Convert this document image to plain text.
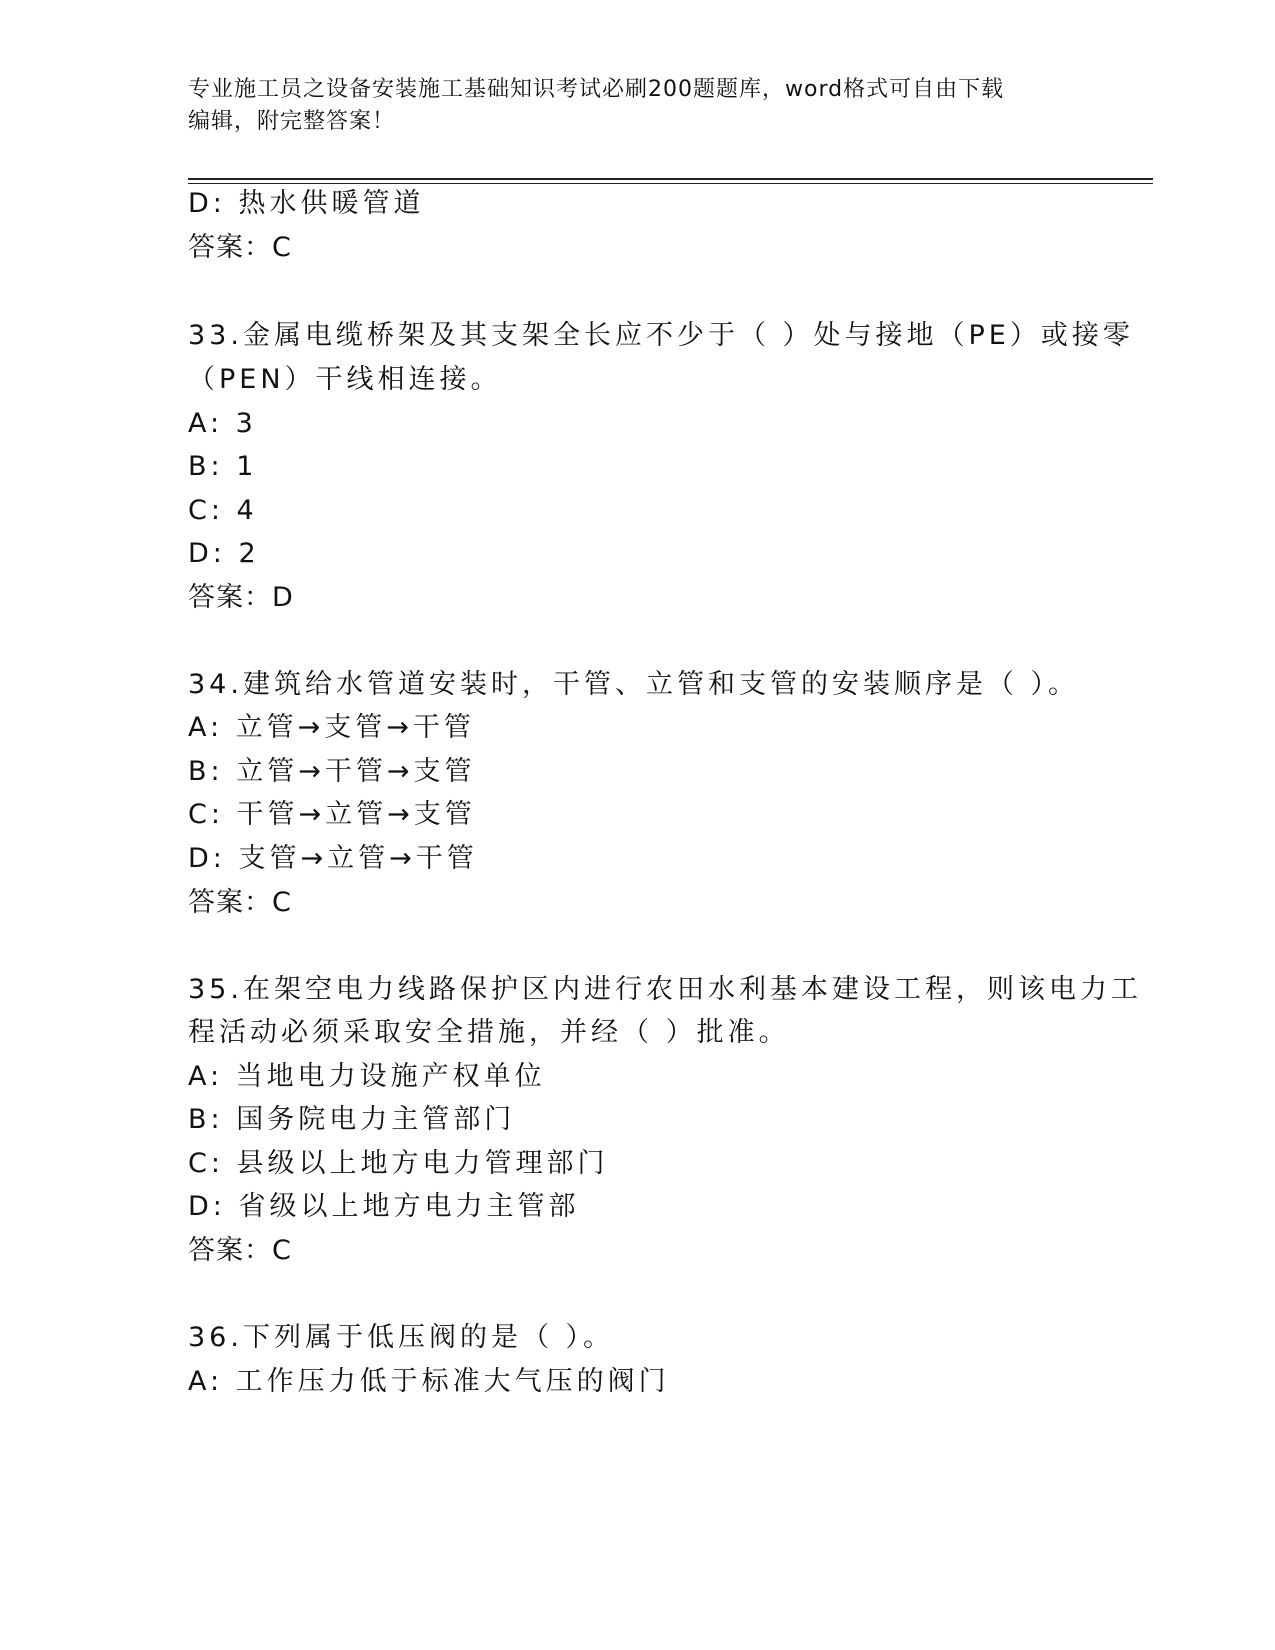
专业施工员之设备安装施工基础知识考试必刷200题题库，word格式可自由下载
编辑，附完整答案！
D: 热水供暖管道
答案：C
33.金属电缆桥架及其支架全长应不少于（ ）处与接地（PE）或接零
（PEN）干线相连接。
A: 3
B: 1
C: 4
D: 2
答案：D
34.建筑给水管道安装时，干管、立管和支管的安装顺序是（ ）。
A: 立管→支管→干管
B: 立管→干管→支管
C: 干管→立管→支管
D: 支管→立管→干管
答案：C
35.在架空电力线路保护区内进行农田水利基本建设工程，则该电力工
程活动必须采取安全措施，并经（ ）批准。
A: 当地电力设施产权单位
B: 国务院电力主管部门
C: 县级以上地方电力管理部门
D: 省级以上地方电力主管部
答案：C
36.下列属于低压阀的是（ ）。
A: 工作压力低于标准大气压的阀门
